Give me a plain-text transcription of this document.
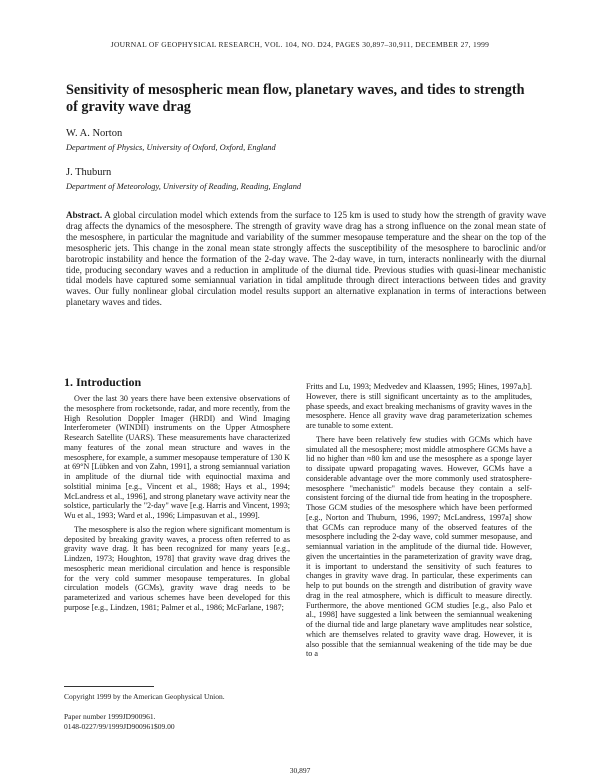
JOURNAL OF GEOPHYSICAL RESEARCH, VOL. 104, NO. D24, PAGES 30,897–30,911, DECEMBER 27, 1999
Sensitivity of mesospheric mean flow, planetary waves, and tides to strength of gravity wave drag
W. A. Norton
Department of Physics, University of Oxford, Oxford, England
J. Thuburn
Department of Meteorology, University of Reading, Reading, England
Abstract. A global circulation model which extends from the surface to 125 km is used to study how the strength of gravity wave drag affects the dynamics of the mesosphere. The strength of gravity wave drag has a strong influence on the zonal mean state of the mesosphere, in particular the magnitude and variability of the summer mesopause temperature and the shear on the top of the mesospheric jets. This change in the zonal mean state strongly affects the susceptibility of the mesosphere to baroclinic and/or barotropic instability and hence the formation of the 2-day wave. The 2-day wave, in turn, interacts nonlinearly with the diurnal tide, producing secondary waves and a reduction in amplitude of the diurnal tide. Previous studies with quasi-linear mechanistic tidal models have captured some semiannual variation in tidal amplitude through direct interactions between tides and gravity waves. Our fully nonlinear global circulation model results support an alternative explanation in terms of interactions between planetary waves and tides.
1. Introduction

Over the last 30 years there have been extensive observations of the mesosphere from rocketsonde, radar, and more recently, from the High Resolution Doppler Imager (HRDI) and Wind Imaging Interferometer (WINDII) instruments on the Upper Atmosphere Research Satellite (UARS). These measurements have characterized many features of the zonal mean structure and waves in the mesosphere, for example, a summer mesopause temperature of 130 K at 69°N [Lübken and von Zahn, 1991], a strong semiannual variation in amplitude of the diurnal tide with equinoctial maxima and solstitial minima [e.g., Vincent et al., 1988; Hays et al., 1994; McLandress et al., 1996], and strong planetary wave activity near the solstice, particularly the "2-day" wave [e.g. Harris and Vincent, 1993; Wu et al., 1993; Ward et al., 1996; Limpasuvan et al., 1999].

The mesosphere is also the region where significant momentum is deposited by breaking gravity waves, a process often referred to as gravity wave drag. It has been recognized for many years [e.g., Lindzen, 1973; Houghton, 1978] that gravity wave drag drives the mesospheric mean meridional circulation and hence is responsible for the very cold summer mesopause temperatures. In global circulation models (GCMs), gravity wave drag needs to be parameterized and various schemes have been developed for this purpose [e.g., Lindzen, 1981; Palmer et al., 1986; McFarlane, 1987;

Copyright 1999 by the American Geophysical Union.
Paper number 1999JD900961.
0148-0227/99/1999JD900961$09.00

Fritts and Lu, 1993; Medvedev and Klaassen, 1995; Hines, 1997a,b]. However, there is still significant uncertainty as to the amplitudes, phase speeds, and exact breaking mechanisms of gravity waves in the mesosphere. Hence all gravity wave drag parameterization schemes are tunable to some extent.

There have been relatively few studies with GCMs which have simulated all the mesosphere; most middle atmosphere GCMs have a lid no higher than ≈80 km and use the mesosphere as a sponge layer to dissipate upward propagating waves. However, GCMs have a considerable advantage over the more commonly used stratosphere-mesosphere "mechanistic" models because they contain a self-consistent forcing of the diurnal tide from heating in the troposphere. Those GCM studies of the mesosphere which have been performed [e.g., Norton and Thuburn, 1996, 1997; McLandress, 1997a] show that GCMs can reproduce many of the observed features of the mesosphere including the 2-day wave, cold summer mesopause, and semiannual variation in the amplitude of the diurnal tide. However, given the uncertainties in the parameterization of gravity wave drag, it is important to understand the sensitivity of such features to changes in gravity wave drag. In particular, these experiments can help to put bounds on the strength and distribution of gravity wave drag in the real atmosphere, which is difficult to measure directly. Furthermore, the above mentioned GCM studies [e.g., also Palo et al., 1998] have suggested a link between the semiannual weakening of the diurnal tide and large planetary wave amplitudes near solstice, which are themselves related to gravity wave drag. However, it is also possible that the semiannual weakening of the tide may be due to a

30,897
